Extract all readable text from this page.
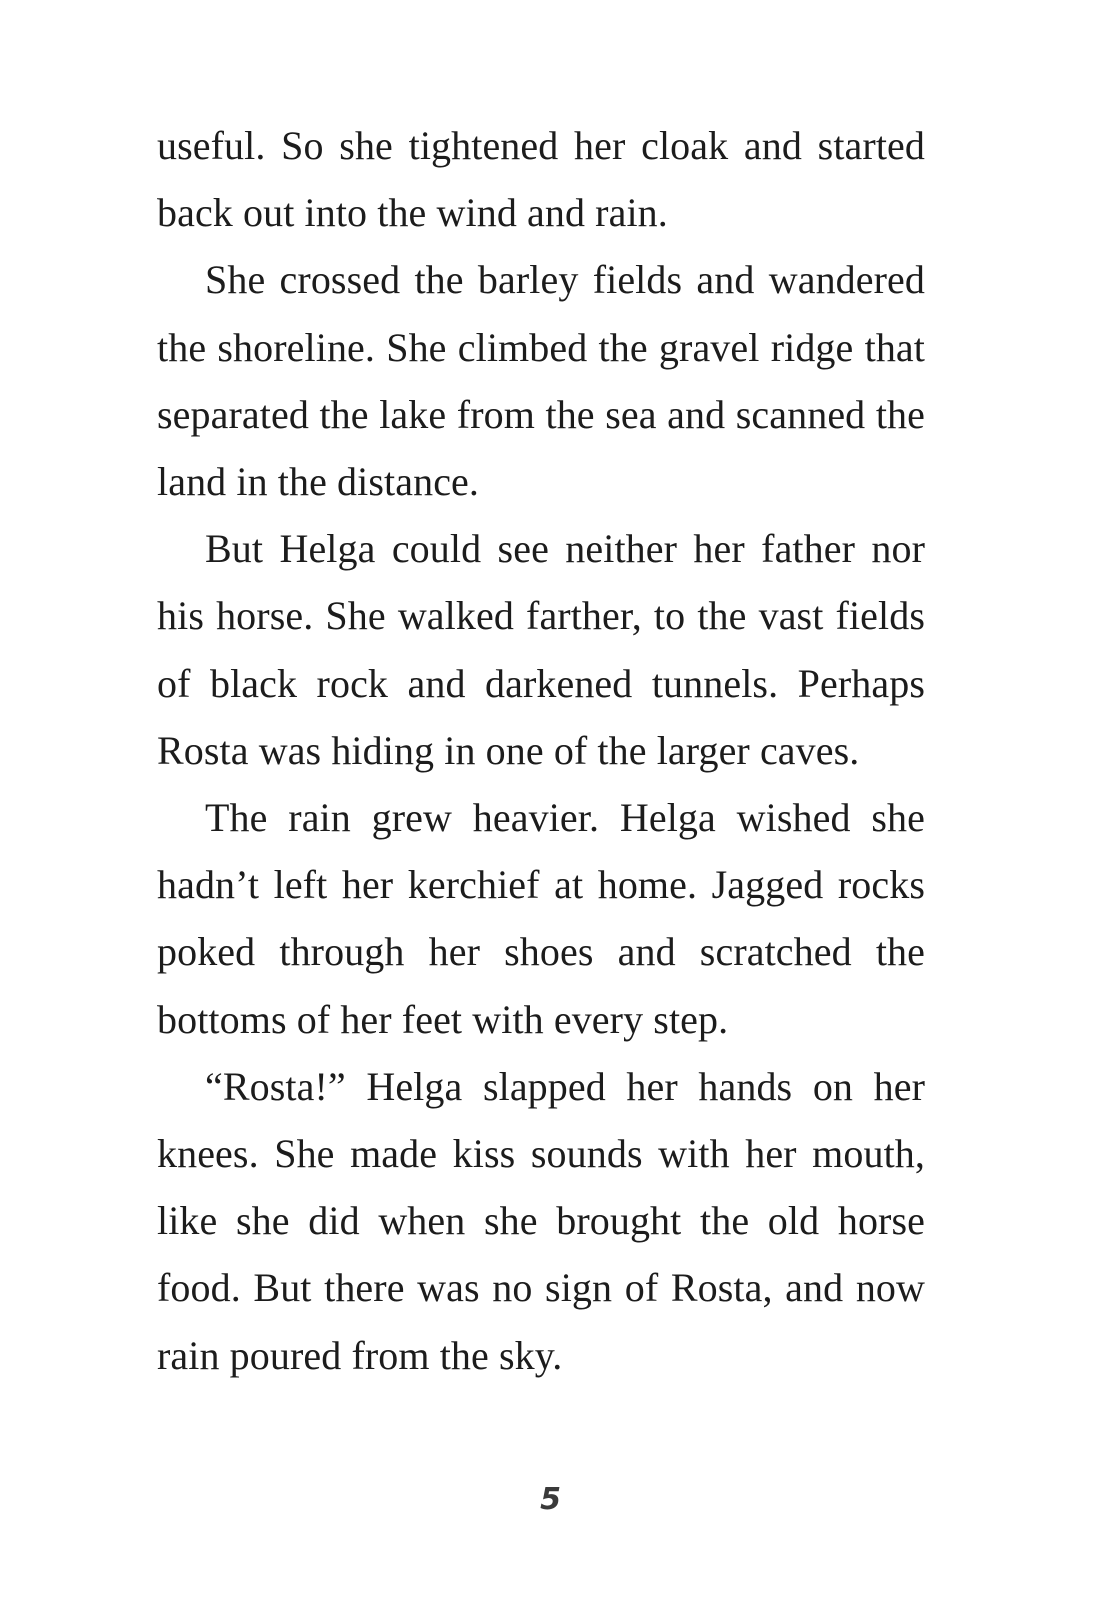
useful. So she tightened her cloak and started back out into the wind and rain.

She crossed the barley fields and wandered the shoreline. She climbed the gravel ridge that separated the lake from the sea and scanned the land in the distance.

But Helga could see neither her father nor his horse. She walked farther, to the vast fields of black rock and darkened tunnels. Perhaps Rosta was hiding in one of the larger caves.

The rain grew heavier. Helga wished she hadn’t left her kerchief at home. Jagged rocks poked through her shoes and scratched the bottoms of her feet with every step.

“Rosta!” Helga slapped her hands on her knees. She made kiss sounds with her mouth, like she did when she brought the old horse food. But there was no sign of Rosta, and now rain poured from the sky.

5
